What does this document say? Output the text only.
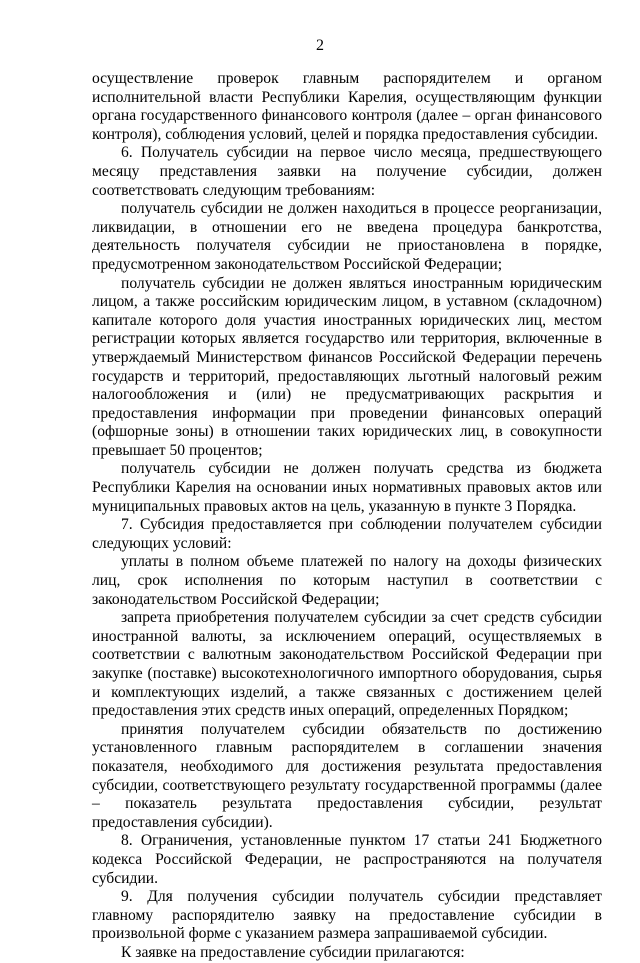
2

осуществление проверок главным распорядителем и органом исполнительной власти Республики Карелия, осуществляющим функции органа государственного финансового контроля (далее – орган финансового контроля), соблюдения условий, целей и порядка предоставления субсидии.

6. Получатель субсидии на первое число месяца, предшествующего месяцу представления заявки на получение субсидии, должен соответствовать следующим требованиям:

получатель субсидии не должен находиться в процессе реорганизации, ликвидации, в отношении его не введена процедура банкротства, деятельность получателя субсидии не приостановлена в порядке, предусмотренном законодательством Российской Федерации;

получатель субсидии не должен являться иностранным юридическим лицом, а также российским юридическим лицом, в уставном (складочном) капитале которого доля участия иностранных юридических лиц, местом регистрации которых является государство или территория, включенные в утверждаемый Министерством финансов Российской Федерации перечень государств и территорий, предоставляющих льготный налоговый режим налогообложения и (или) не предусматривающих раскрытия и предоставления информации при проведении финансовых операций (офшорные зоны) в отношении таких юридических лиц, в совокупности превышает 50 процентов;

получатель субсидии не должен получать средства из бюджета Республики Карелия на основании иных нормативных правовых актов или муниципальных правовых актов на цель, указанную в пункте 3 Порядка.

7. Субсидия предоставляется при соблюдении получателем субсидии следующих условий:

уплаты в полном объеме платежей по налогу на доходы физических лиц, срок исполнения по которым наступил в соответствии с законодательством Российской Федерации;

запрета приобретения получателем субсидии за счет средств субсидии иностранной валюты, за исключением операций, осуществляемых в соответствии с валютным законодательством Российской Федерации при закупке (поставке) высокотехнологичного импортного оборудования, сырья и комплектующих изделий, а также связанных с достижением целей предоставления этих средств иных операций, определенных Порядком;

принятия получателем субсидии обязательств по достижению установленного главным распорядителем в соглашении значения показателя, необходимого для достижения результата предоставления субсидии, соответствующего результату государственной программы (далее – показатель результата предоставления субсидии, результат предоставления субсидии).

8. Ограничения, установленные пунктом 17 статьи 241 Бюджетного кодекса Российской Федерации, не распространяются на получателя субсидии.

9. Для получения субсидии получатель субсидии представляет главному распорядителю заявку на предоставление субсидии в произвольной форме с указанием размера запрашиваемой субсидии.

К заявке на предоставление субсидии прилагаются:
